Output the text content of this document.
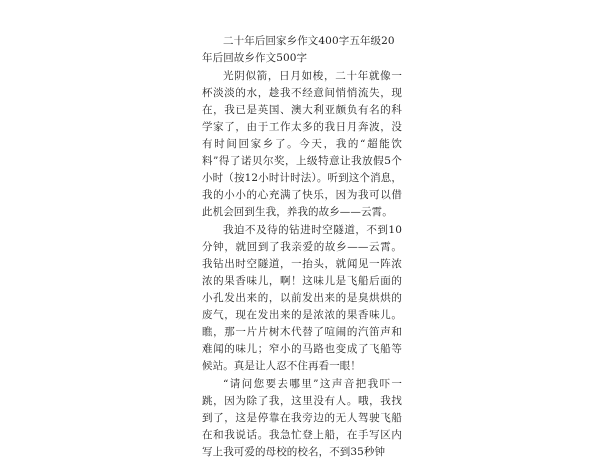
二十年后回家乡作文400字五年级20年后回故乡作文500字

光阴似箭，日月如梭，二十年就像一杯淡淡的水，趁我不经意间悄悄流失，现在，我已是英国、澳大利亚颇负有名的科学家了，由于工作太多的我日月奔波，没有时间回家乡了。今天，我的“超能饮料”得了诺贝尔奖，上级特意让我放假5个小时（按12小时计时法）。听到这个消息，我的小小的心充满了快乐，因为我可以借此机会回到生我，养我的故乡——云霄。

我迫不及待的钻进时空隧道，不到10分钟，就回到了我亲爱的故乡——云霄。我钻出时空隧道，一抬头，就闻见一阵浓浓的果香味儿，啊！这味儿是飞船后面的小孔发出来的，以前发出来的是臭烘烘的废气，现在发出来的是浓浓的果香味儿。瞧，那一片片树木代替了喧闹的汽笛声和难闻的味儿；窄小的马路也变成了飞船等候站。真是让人忍不住再看一眼！

“请问您要去哪里”这声音把我吓一跳，因为除了我，这里没有人。哦，我找到了，这是停靠在我旁边的无人驾驶飞船在和我说话。我急忙登上船，在手写区内写上我可爱的母校的校名，不到35秒钟
